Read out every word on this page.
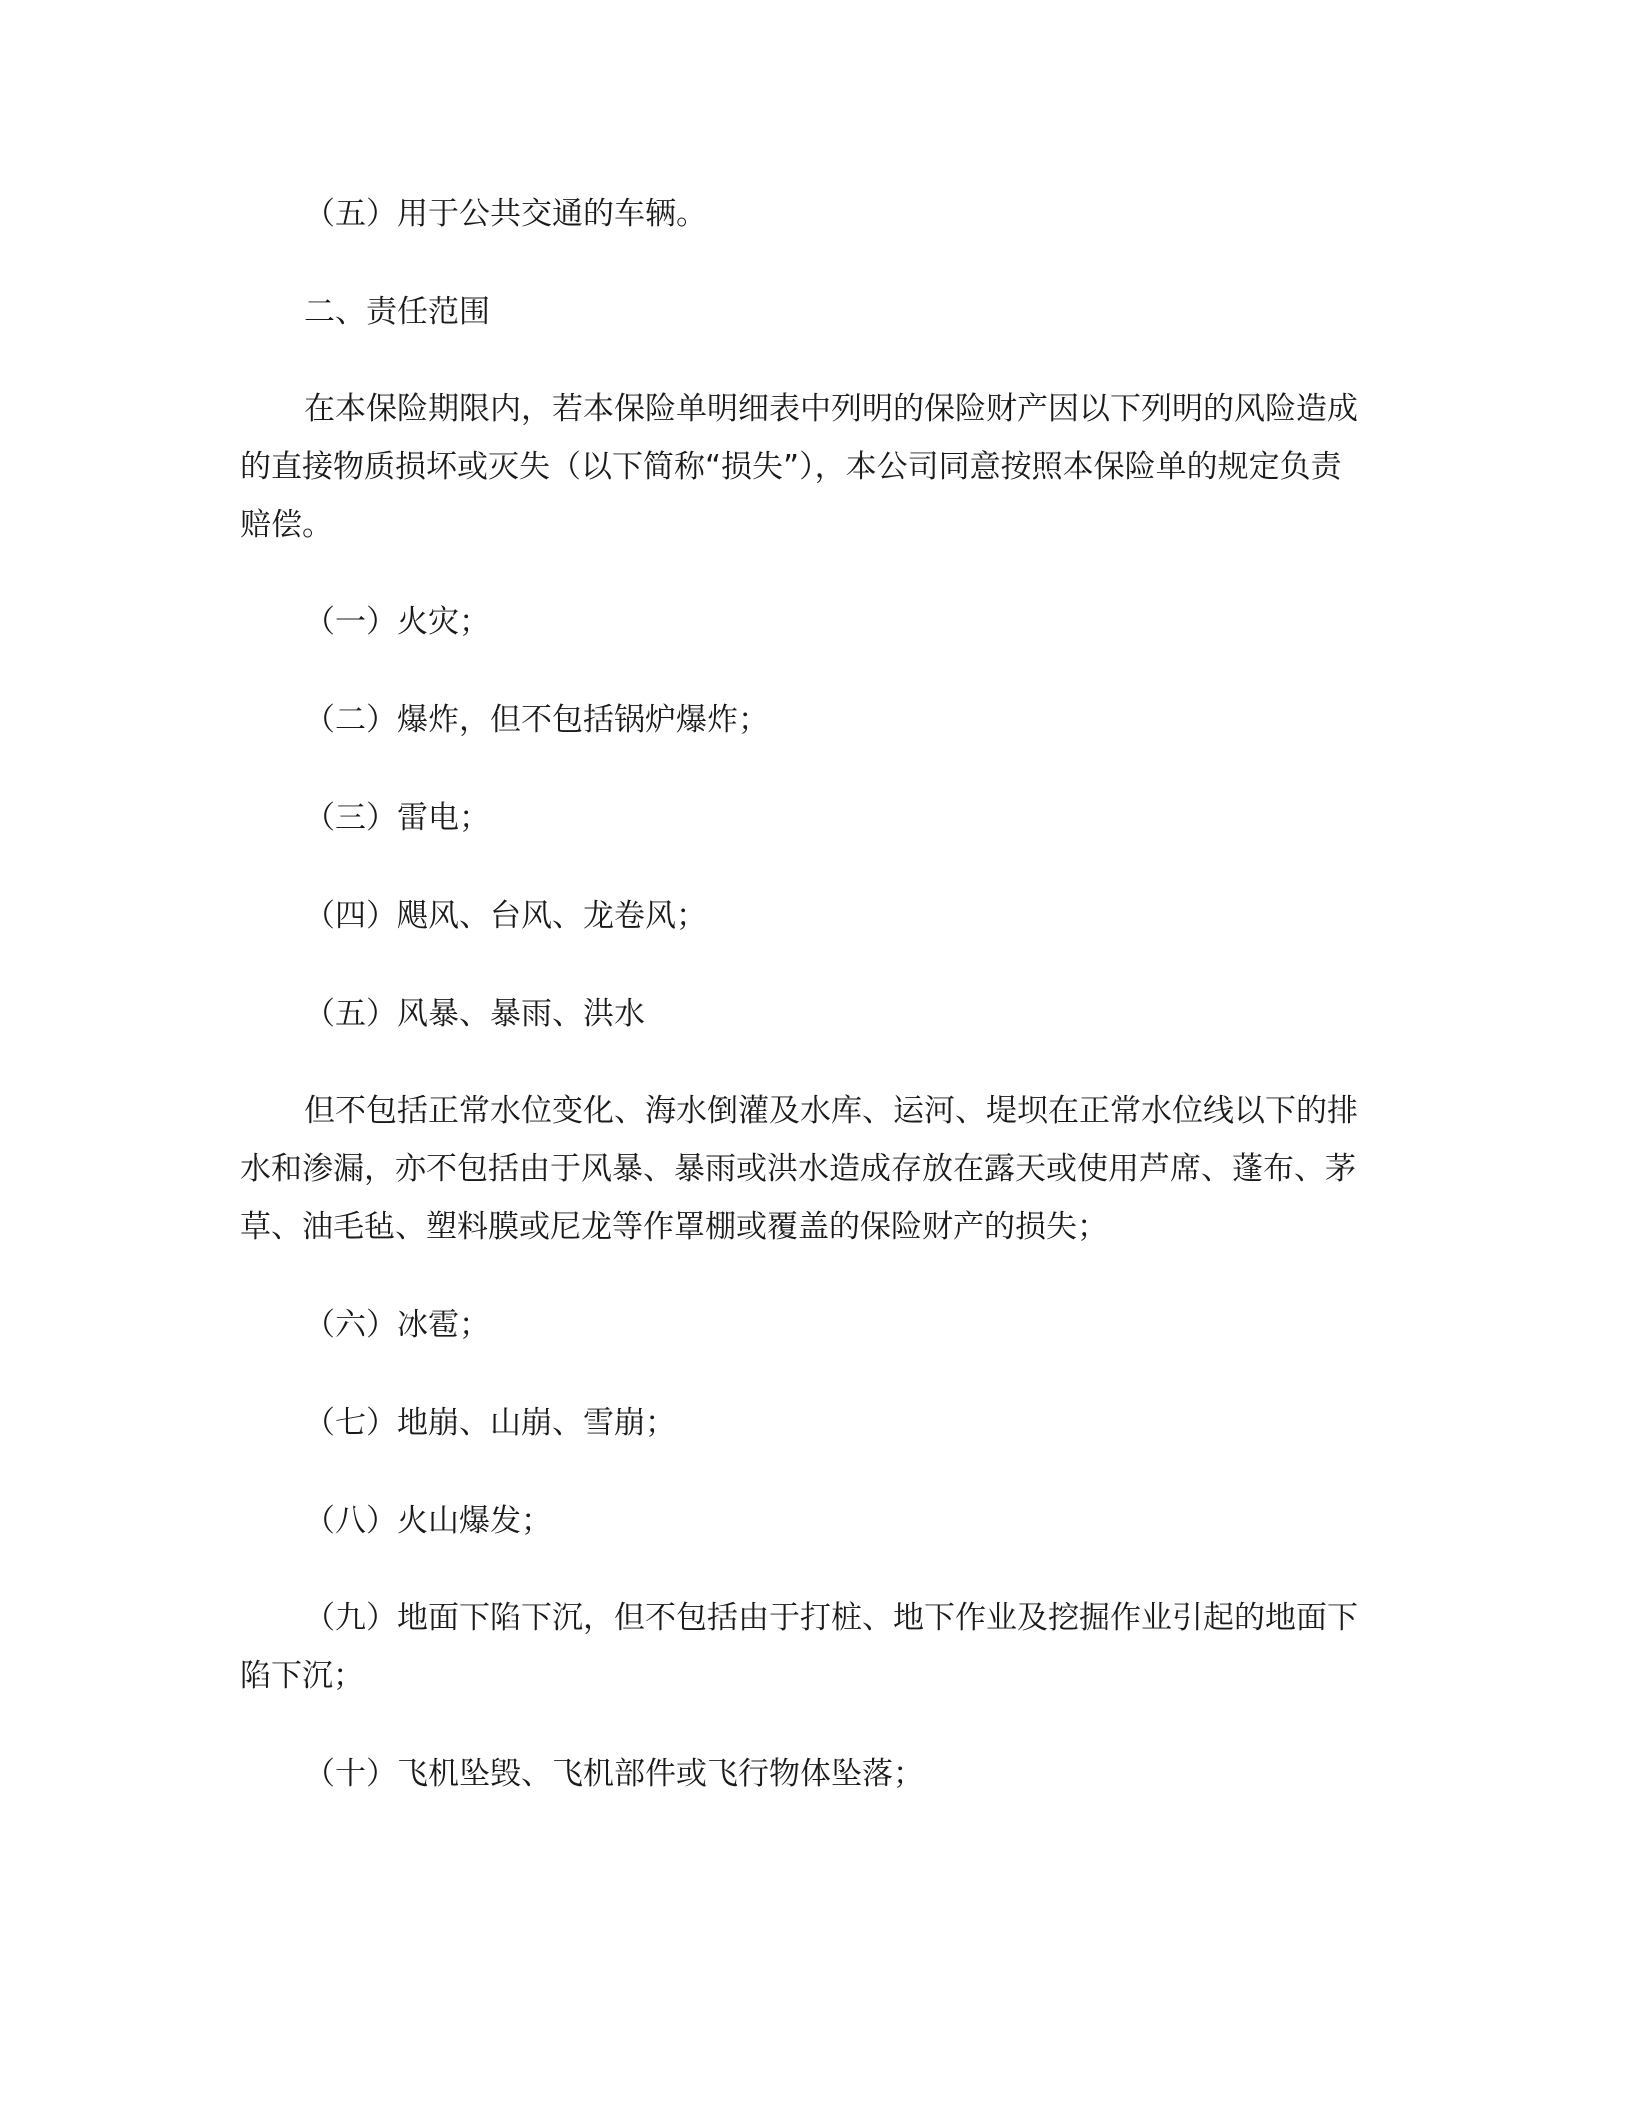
（五）用于公共交通的车辆。

二、责任范围

在本保险期限内，若本保险单明细表中列明的保险财产因以下列明的风险造成的直接物质损坏或灭失（以下简称“损失”），本公司同意按照本保险单的规定负责赔偿。

（一）火灾；

（二）爆炸，但不包括锅炉爆炸；

（三）雷电；

（四）飓风、台风、龙卷风；

（五）风暴、暴雨、洪水

但不包括正常水位变化、海水倒灌及水库、运河、堤坝在正常水位线以下的排水和渗漏，亦不包括由于风暴、暴雨或洪水造成存放在露天或使用芦席、蓬布、茅草、油毛毡、塑料膜或尼龙等作罩棚或覆盖的保险财产的损失；

（六）冰雹；

（七）地崩、山崩、雪崩；

（八）火山爆发；

（九）地面下陷下沉，但不包括由于打桩、地下作业及挖掘作业引起的地面下陷下沉；

（十）飞机坠毁、飞机部件或飞行物体坠落；
